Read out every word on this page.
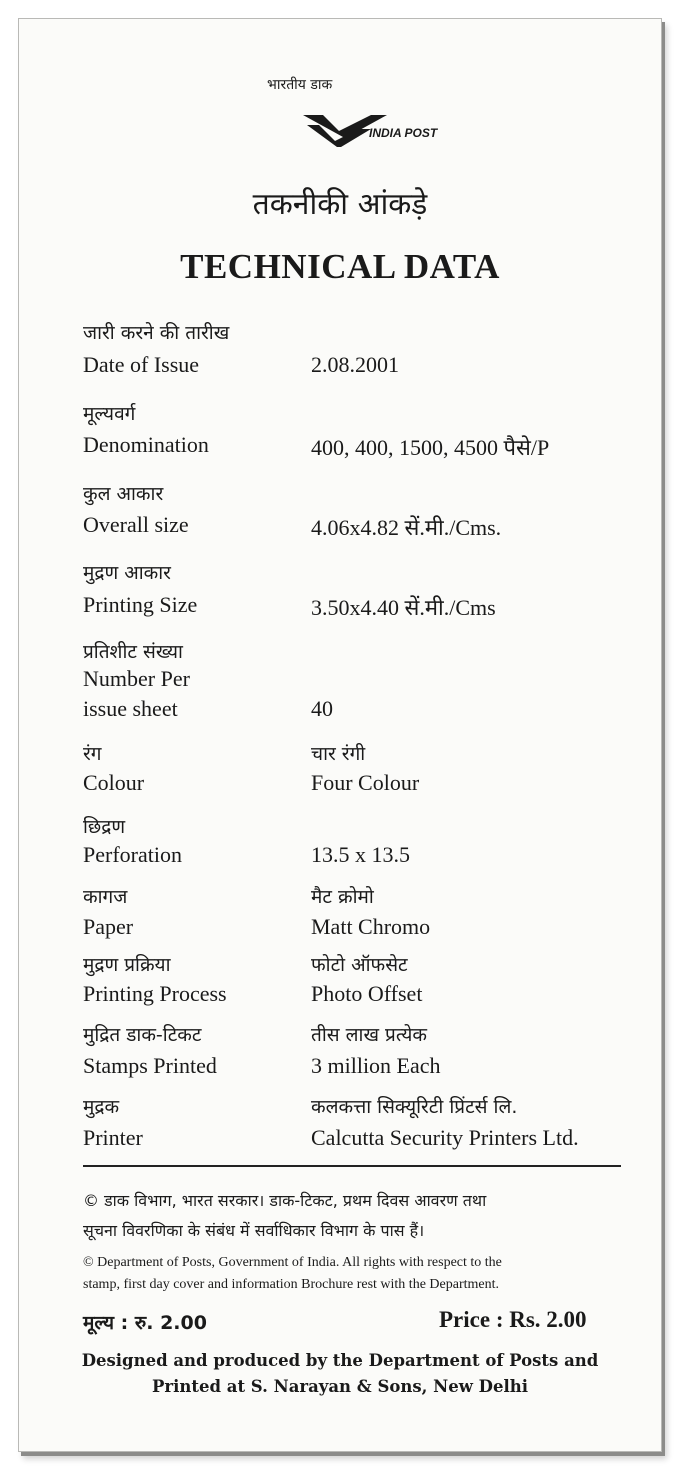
भारतीय डाक
INDIA POST
तकनीकी आंकड़े
TECHNICAL DATA
जारी करने की तारीख
Date of Issue	2.08.2001
मूल्यवर्ग
Denomination	400, 400, 1500, 4500 पैसे/P
कुल आकार
Overall size	4.06x4.82 सें.मी./Cms.
मुद्रण आकार
Printing Size	3.50x4.40 सें.मी./Cms
प्रतिशीट संख्या
Number Per
issue sheet	40
रंग	चार रंगी
Colour	Four Colour
छिद्रण
Perforation	13.5 x 13.5
कागज	मैट क्रोमो
Paper	Matt Chromo
मुद्रण प्रक्रिया	फोटो ऑफसेट
Printing Process	Photo Offset
मुद्रित डाक-टिकट	तीस लाख प्रत्येक
Stamps Printed	3 million Each
मुद्रक	कलकत्ता सिक्यूरिटी प्रिंटर्स लि.
Printer	Calcutta Security Printers Ltd.
© डाक विभाग, भारत सरकार। डाक-टिकट, प्रथम दिवस आवरण तथा
सूचना विवरणिका के संबंध में सर्वाधिकार विभाग के पास हैं।
© Department of Posts, Government of India. All rights with respect to the
stamp, first day cover and information Brochure rest with the Department.
मूल्य : रु. 2.00	Price : Rs. 2.00
Designed and produced by the Department of Posts and
Printed at S. Narayan & Sons, New Delhi
